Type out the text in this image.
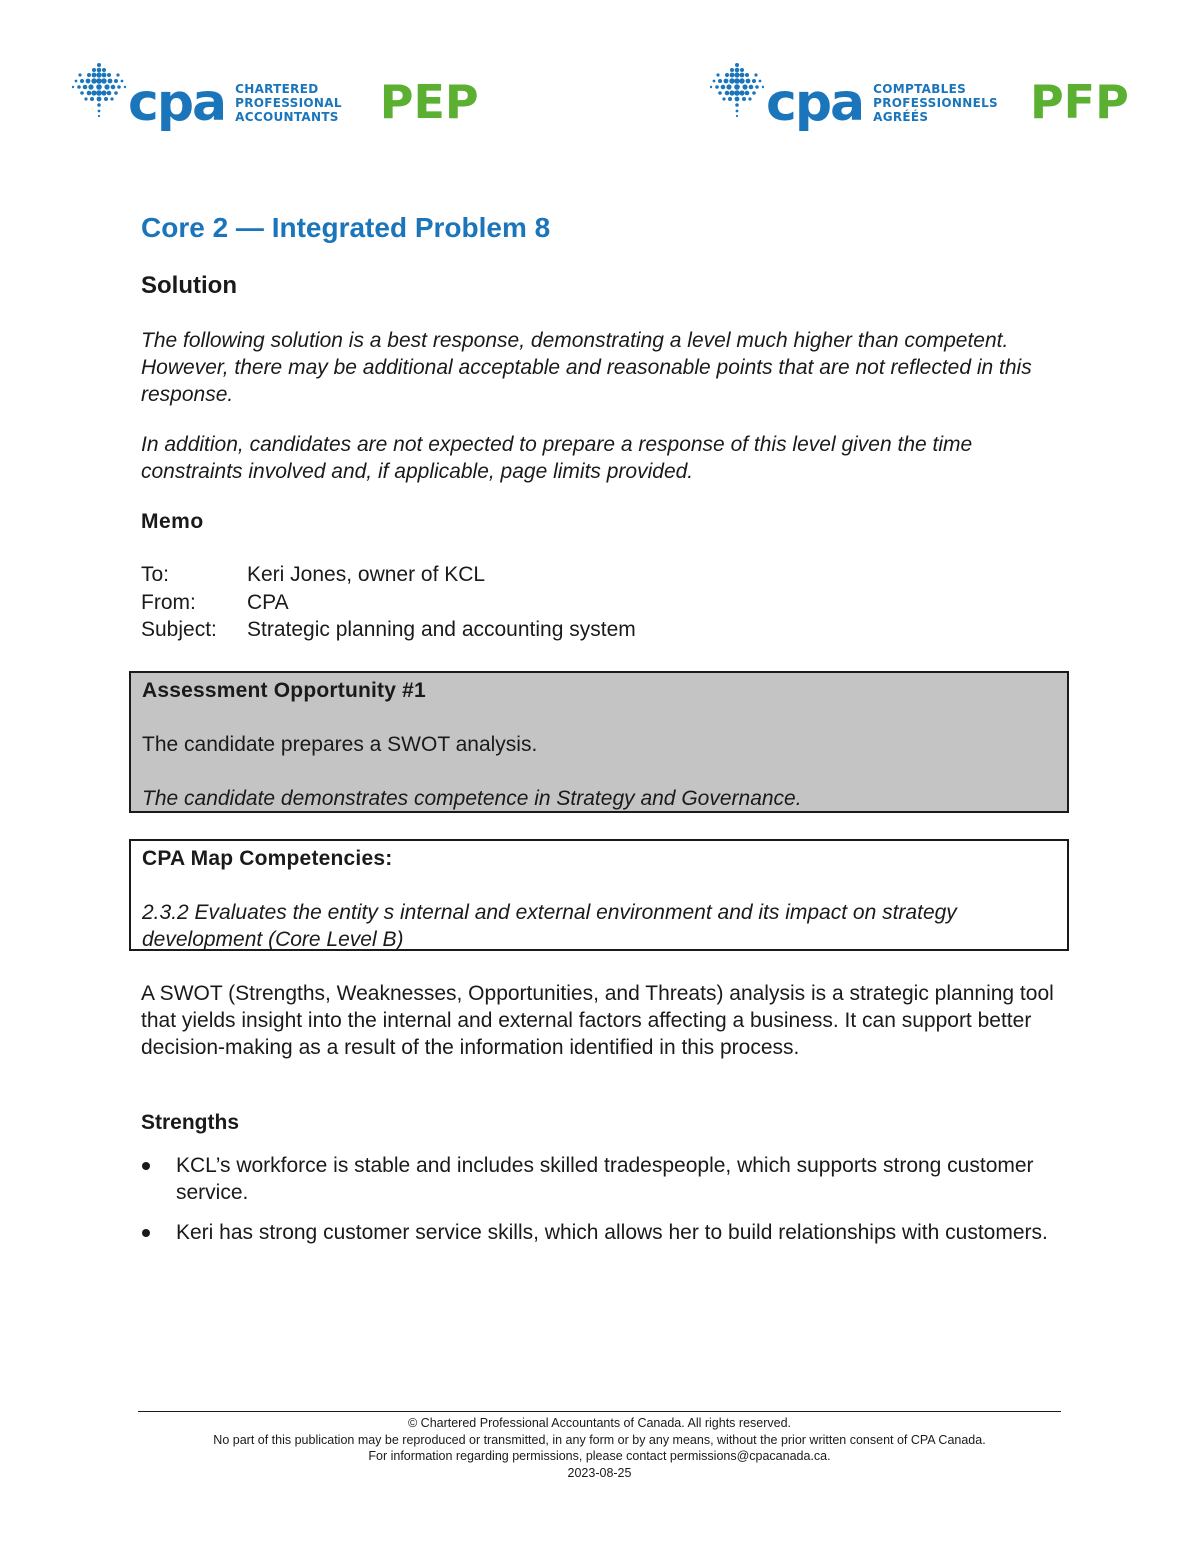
cpa CHARTERED
PROFESSIONAL
ACCOUNTANTS PEP	cpa COMPTABLES
PROFESSIONNELS
AGRÉÉS	PFP
Core 2 — Integrated Problem 8
Solution

The following solution is a best response, demonstrating a level much higher than competent. However, there may be additional acceptable and reasonable points that are not reflected in this response.

In addition, candidates are not expected to prepare a response of this level given the time constraints involved and, if applicable, page limits provided.

Memo
To:	Keri Jones, owner of KCL
From:	CPA
Subject:	Strategic planning and accounting system
Assessment Opportunity #1

The candidate prepares a SWOT analysis.

The candidate demonstrates competence in Strategy and Governance.

CPA Map Competencies:

2.3.2 Evaluates the entity s internal and external environment and its impact on strategy development (Core Level B)

A SWOT (Strengths, Weaknesses, Opportunities, and Threats) analysis is a strategic planning tool that yields insight into the internal and external factors affecting a business. It can support better decision-making as a result of the information identified in this process.

Strengths
KCL’s workforce is stable and includes skilled tradespeople, which supports strong customer service.
Keri has strong customer service skills, which allows her to build relationships with customers.
© Chartered Professional Accountants of Canada. All rights reserved.
No part of this publication may be reproduced or transmitted, in any form or by any means, without the prior written consent of CPA Canada.
For information regarding permissions, please contact permissions@cpacanada.ca.
2023-08-25
